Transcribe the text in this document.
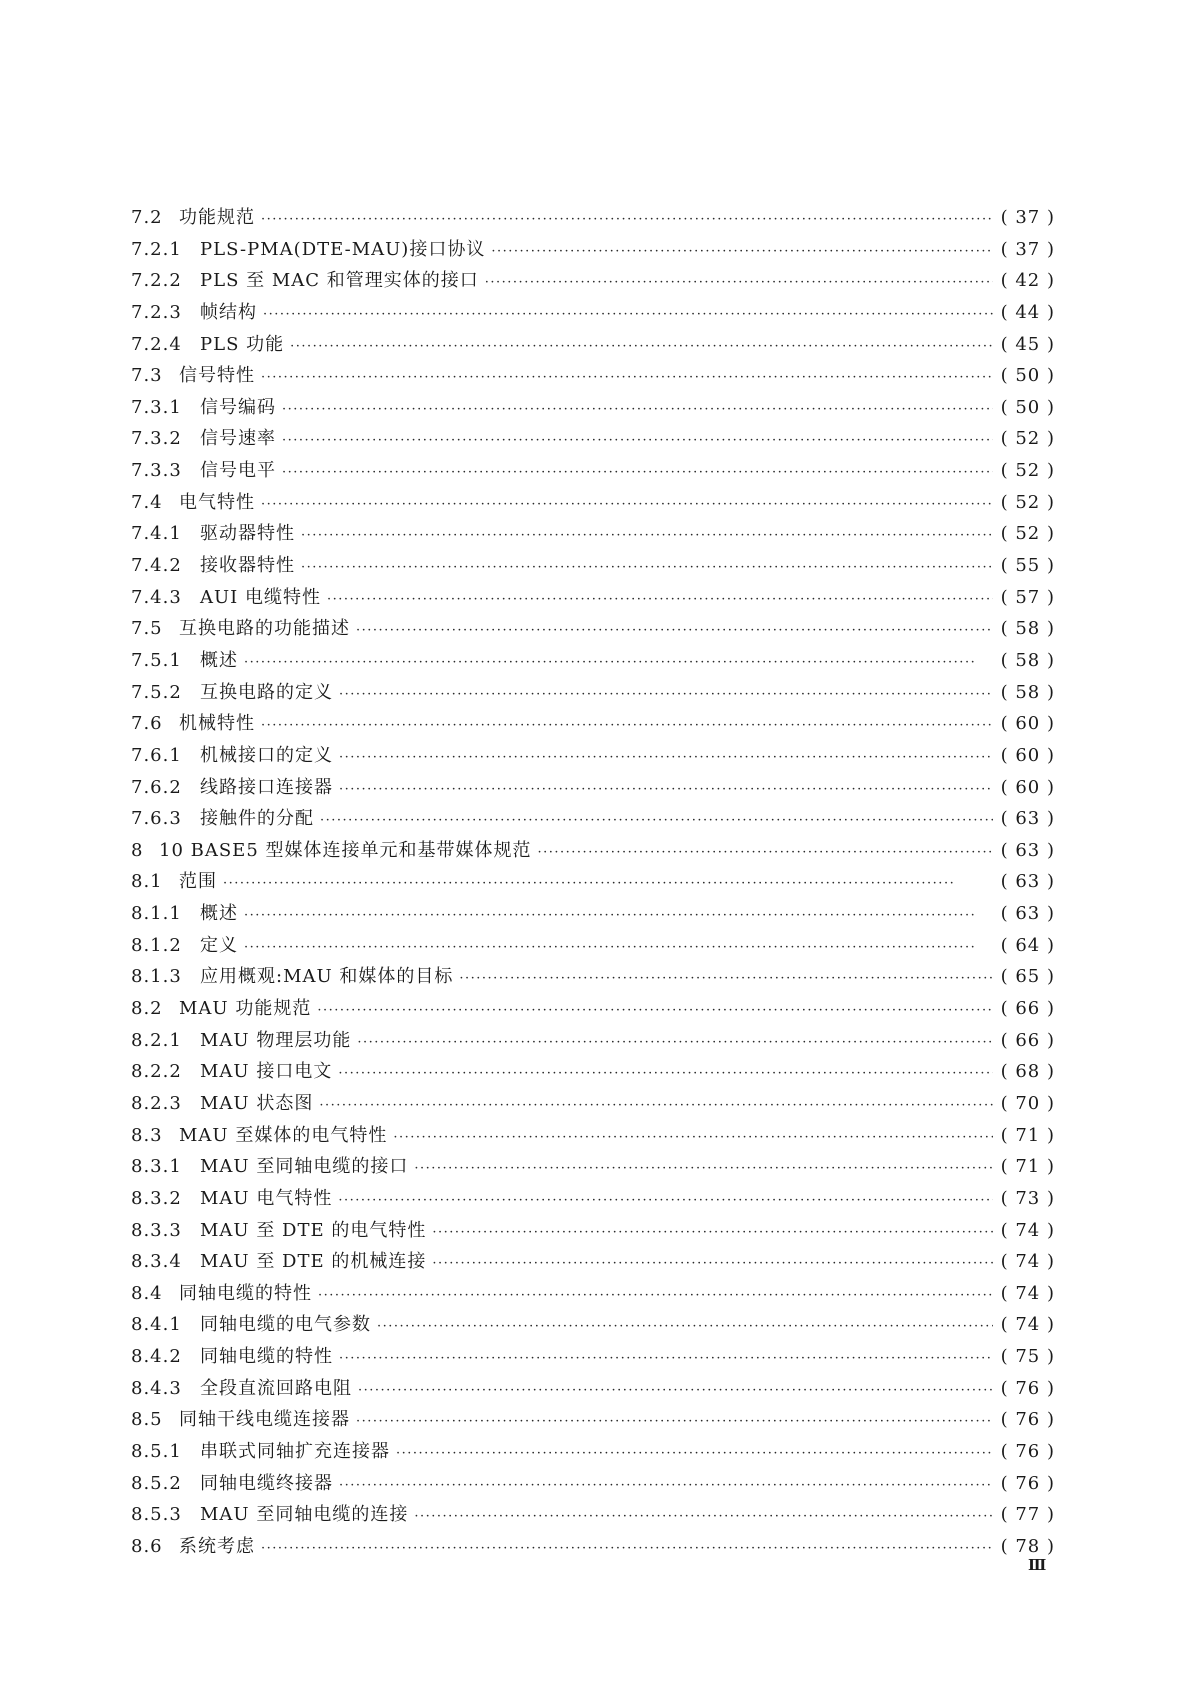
7.2 功能规范 ·····	( 37 )
7.2.1	PLS-PMA(DTE-MAU)接口协议 ·····	( 37 )
7.2.2	PLS 至 MAC 和管理实体的接口 ·····	( 42 )
7.2.3	帧结构 ·····	( 44 )
7.2.4	PLS 功能 ·····	( 45 )
7.3 信号特性 ·····	( 50 )
7.3.1	信号编码 ·····	( 50 )
7.3.2	信号速率 ·····	( 52 )
7.3.3	信号电平 ·····	( 52 )
7.4 电气特性 ·····	( 52 )
7.4.1	驱动器特性 ·····	( 52 )
7.4.2	接收器特性 ·····	( 55 )
7.4.3	AUI 电缆特性 ·····	( 57 )
7.5 互换电路的功能描述 ·····	( 58 )
7.5.1	概述 ·····	( 58 )
7.5.2	互换电路的定义 ·····	( 58 )
7.6 机械特性 ·····	( 60 )
7.6.1	机械接口的定义 ·····	( 60 )
7.6.2	线路接口连接器 ·····	( 60 )
7.6.3	接触件的分配 ·····	( 63 )
8 10 BASE5 型媒体连接单元和基带媒体规范 ·····	( 63 )
8.1 范围 ·····	( 63 )
8.1.1	概述 ·····	( 63 )
8.1.2	定义 ·····	( 64 )
8.1.3	应用概观:MAU 和媒体的目标 ·····	( 65 )
8.2 MAU 功能规范 ·····	( 66 )
8.2.1	MAU 物理层功能 ·····	( 66 )
8.2.2	MAU 接口电文 ·····	( 68 )
8.2.3	MAU 状态图 ·····	( 70 )
8.3 MAU 至媒体的电气特性 ·····	( 71 )
8.3.1	MAU 至同轴电缆的接口 ·····	( 71 )
8.3.2	MAU 电气特性 ·····	( 73 )
8.3.3	MAU 至 DTE 的电气特性 ·····	( 74 )
8.3.4	MAU 至 DTE 的机械连接 ·····	( 74 )
8.4 同轴电缆的特性 ·····	( 74 )
8.4.1	同轴电缆的电气参数 ·····	( 74 )
8.4.2	同轴电缆的特性 ·····	( 75 )
8.4.3	全段直流回路电阻 ·····	( 76 )
8.5 同轴干线电缆连接器 ·····	( 76 )
8.5.1	串联式同轴扩充连接器 ·····	( 76 )
8.5.2	同轴电缆终接器 ·····	( 76 )
8.5.3	MAU 至同轴电缆的连接 ·····	( 77 )
8.6 系统考虑 ·····	( 78 )
Ⅲ
